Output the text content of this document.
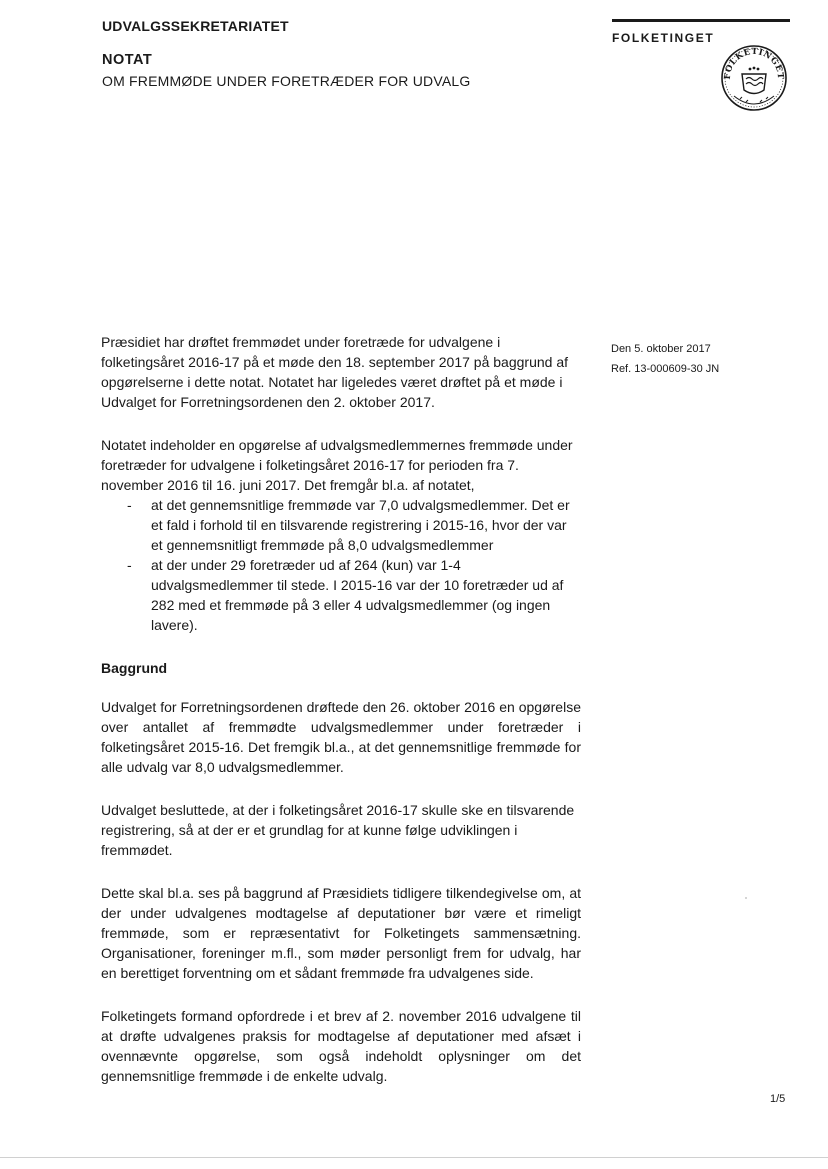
UDVALGSSEKRETARIATET
NOTAT
OM FREMMØDE UNDER FORETRÆDER FOR UDVALG
FOLKETINGET
FOLKETINGET
Den 5. oktober 2017
Ref. 13-000609-30 JN

Præsidiet har drøftet fremmødet under foretræde for udvalgene i folketingsåret 2016-17 på et møde den 18. september 2017 på baggrund af opgørelserne i dette notat. Notatet har ligeledes været drøftet på et møde i Udvalget for Forretningsordenen den 2. oktober 2017.

Notatet indeholder en opgørelse af udvalgsmedlemmernes fremmøde under foretræder for udvalgene i folketingsåret 2016-17 for perioden fra 7. november 2016 til 16. juni 2017. Det fremgår bl.a. af notatet,

- at det gennemsnitlige fremmøde var 7,0 udvalgsmedlemmer. Det er et fald i forhold til en tilsvarende registrering i 2015-16, hvor der var et gennemsnitligt fremmøde på 8,0 udvalgsmedlemmer
- at der under 29 foretræder ud af 264 (kun) var 1-4 udvalgsmedlemmer til stede. I 2015-16 var der 10 foretræder ud af 282 med et fremmøde på 3 eller 4 udvalgsmedlemmer (og ingen lavere).
Baggrund

Udvalget for Forretningsordenen drøftede den 26. oktober 2016 en opgørelse over antallet af fremmødte udvalgsmedlemmer under foretræder i folketingsåret 2015-16. Det fremgik bl.a., at det gennemsnitlige fremmøde for alle udvalg var 8,0 udvalgsmedlemmer.

Udvalget besluttede, at der i folketingsåret 2016-17 skulle ske en tilsvarende registrering, så at der er et grundlag for at kunne følge udviklingen i fremmødet.

Dette skal bl.a. ses på baggrund af Præsidiets tidligere tilkendegivelse om, at der under udvalgenes modtagelse af deputationer bør være et rimeligt fremmøde, som er repræsentativt for Folketingets sammensætning. Organisationer, foreninger m.fl., som møder personligt frem for udvalg, har en berettiget forventning om et sådant fremmøde fra udvalgenes side.

Folketingets formand opfordrede i et brev af 2. november 2016 udvalgene til at drøfte udvalgenes praksis for modtagelse af deputationer med afsæt i ovennævnte opgørelse, som også indeholdt oplysninger om det gennemsnitlige fremmøde i de enkelte udvalg.

1/5
